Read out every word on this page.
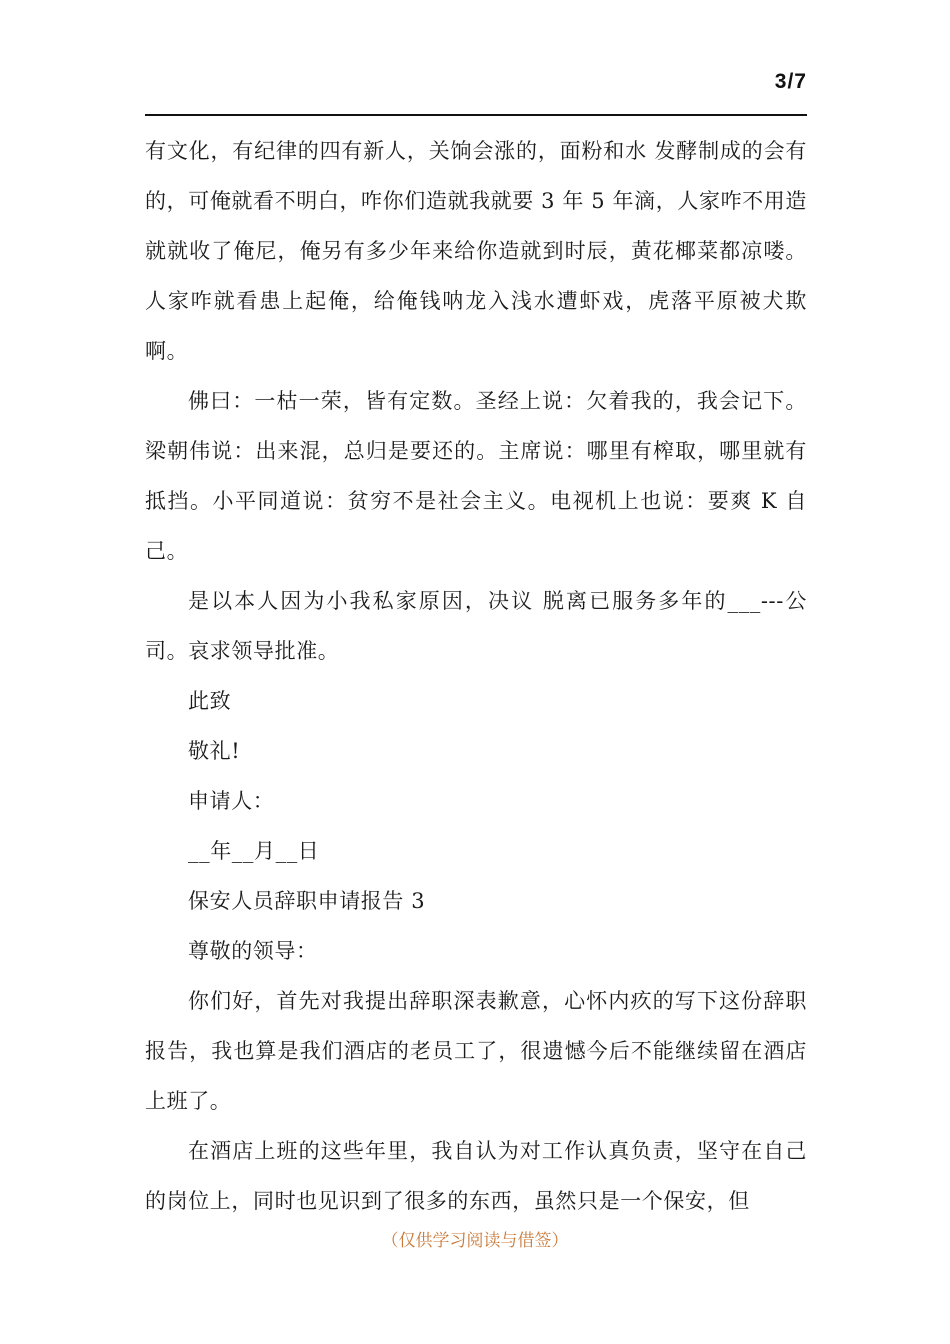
3/7

有文化，有纪律的四有新人，关饷会涨的，面粉和水 发酵制成的会有的，可俺就看不明白，咋你们造就我就要 3 年 5 年滴，人家咋不用造就就收了俺尼，俺另有多少年来给你造就到时辰，黄花椰菜都凉喽。人家咋就看患上起俺，给俺钱呐龙入浅水遭虾戏，虎落平原被犬欺啊。

佛曰：一枯一荣，皆有定数。圣经上说：欠着我的，我会记下。梁朝伟说：出来混，总归是要还的。主席说：哪里有榨取，哪里就有抵挡。小平同道说：贫穷不是社会主义。电视机上也说：要爽 K 自己。

是以本人因为小我私家原因，决议 脱离已服务多年的___---公司。哀求领导批准。

此致

敬礼!

申请人：

__年__月__日

保安人员辞职申请报告 3

尊敬的领导：

你们好，首先对我提出辞职深表歉意，心怀内疚的写下这份辞职报告，我也算是我们酒店的老员工了，很遗憾今后不能继续留在酒店上班了。

在酒店上班的这些年里，我自认为对工作认真负责，坚守在自己的岗位上，同时也见识到了很多的东西，虽然只是一个保安，但

（仅供学习阅读与借签）
